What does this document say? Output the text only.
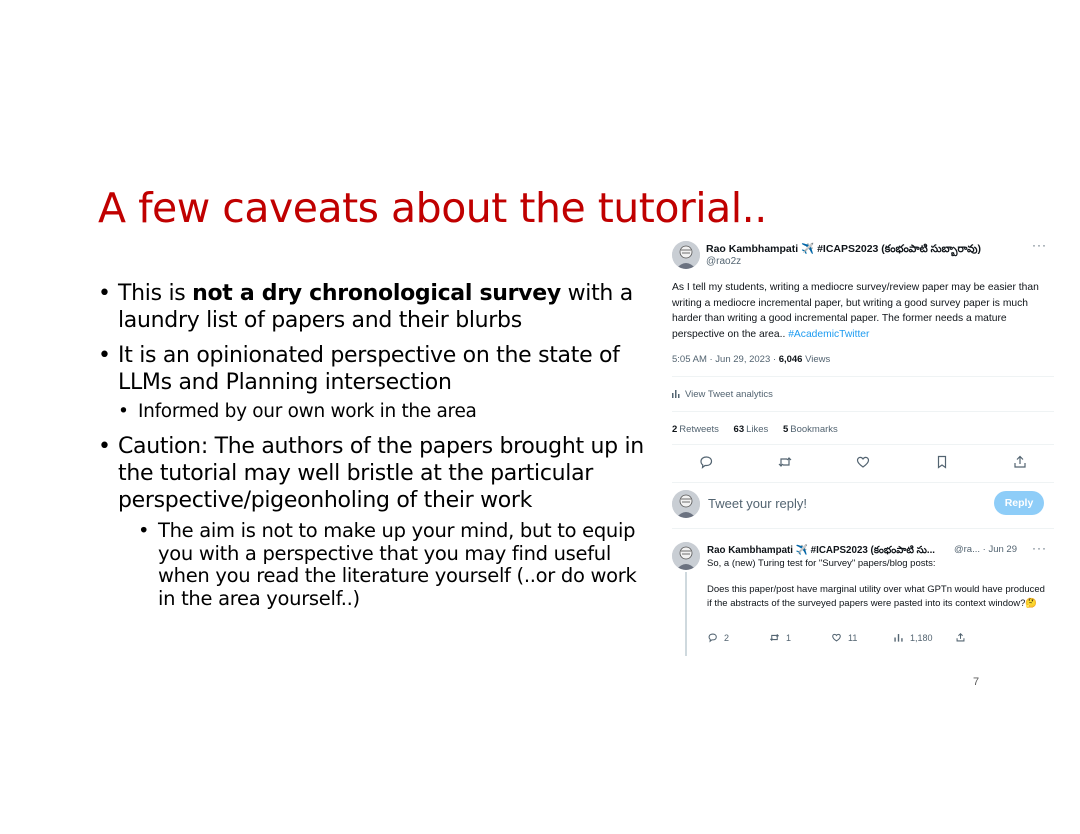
A few caveats about the tutorial..
• This is not a dry chronological survey with a laundry list of papers and their blurbs
• It is an opinionated perspective on the state of LLMs and Planning intersection
• Informed by our own work in the area
• Caution: The authors of the papers brought up in the tutorial may well bristle at the particular perspective/pigeonholing of their work
• The aim is not to make up your mind, but to equip you with a perspective that you may find useful when you read the literature yourself (..or do work in the area yourself..)
Rao Kambhampati ✈️ #ICAPS2023 (కంభంపాటి సుబ్బారావు)
@rao2z
···
As I tell my students, writing a mediocre survey/review paper may be easier than writing a mediocre incremental paper, but writing a good survey paper is much harder than writing a good incremental paper. The former needs a mature perspective on the area.. #AcademicTwitter
5:05 AM · Jun 29, 2023 · 6,046 Views
View Tweet analytics
2 Retweets 63 Likes 5 Bookmarks
Tweet your reply!	Reply
Rao Kambhampati ✈️ #ICAPS2023 (కంభంపాటి సు... @ra... · Jun 29 ···
So, a (new) Turing test for "Survey" papers/blog posts:
Does this paper/post have marginal utility over what GPTn would have produced if the abstracts of the surveyed papers were pasted into its context window?🤔
2	1	11	1,180
7
